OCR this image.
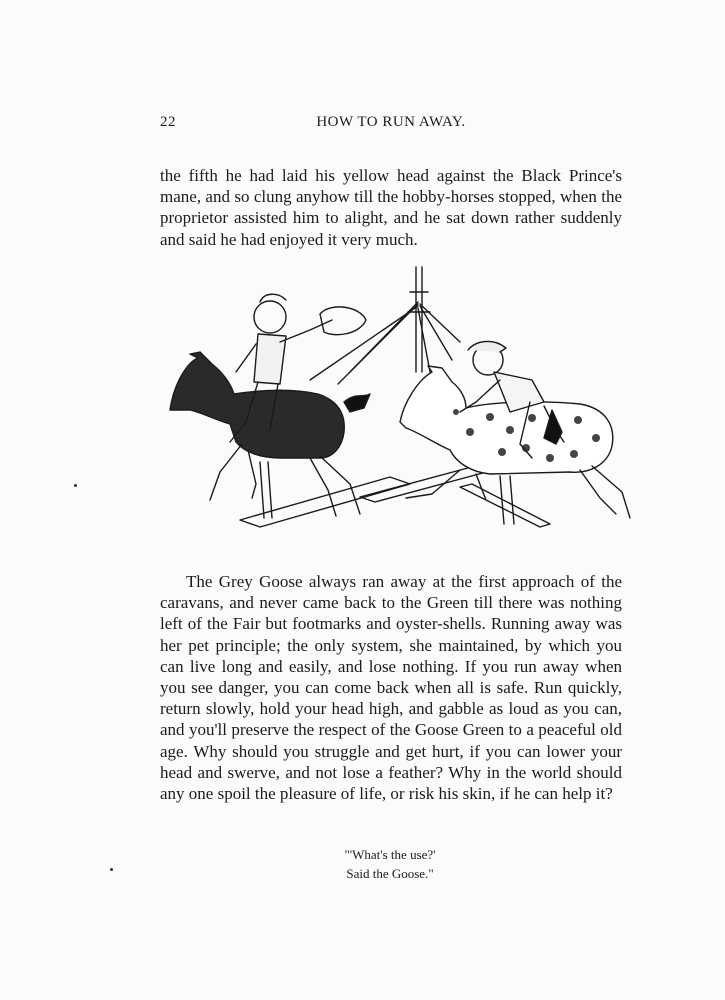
22	HOW TO RUN AWAY.

the fifth he had laid his yellow head against the Black Prince's mane, and so clung anyhow till the hobby-horses stopped, when the proprietor assisted him to alight, and he sat down rather suddenly and said he had enjoyed it very much.

The Grey Goose always ran away at the first approach of the caravans, and never came back to the Green till there was nothing left of the Fair but footmarks and oyster-shells. Running away was her pet principle; the only system, she maintained, by which you can live long and easily, and lose nothing. If you run away when you see danger, you can come back when all is safe. Run quickly, return slowly, hold your head high, and gabble as loud as you can, and you'll preserve the respect of the Goose Green to a peaceful old age. Why should you struggle and get hurt, if you can lower your head and swerve, and not lose a feather? Why in the world should any one spoil the pleasure of life, or risk his skin, if he can help it?

"'What's the use?'
Said the Goose."
